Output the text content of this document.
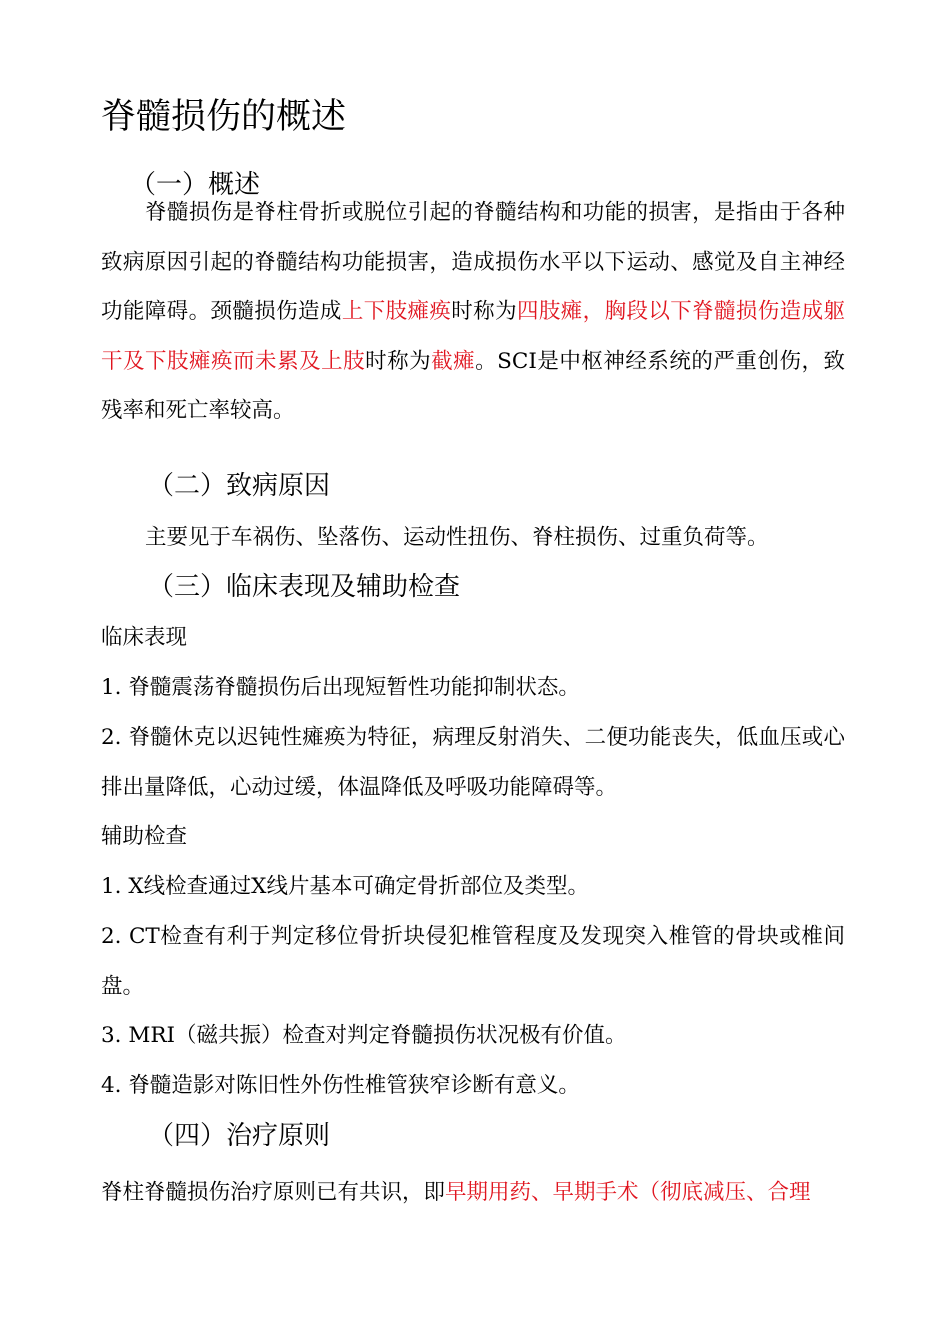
脊髓损伤的概述
（一）概述

脊髓损伤是脊柱骨折或脱位引起的脊髓结构和功能的损害，是指由于各种致病原因引起的脊髓结构功能损害，造成损伤水平以下运动、感觉及自主神经功能障碍。颈髓损伤造成上下肢瘫痪时称为四肢瘫，胸段以下脊髓损伤造成躯干及下肢瘫痪而未累及上肢时称为截瘫。SCI是中枢神经系统的严重创伤，致残率和死亡率较高。

（二）致病原因

主要见于车祸伤、坠落伤、运动性扭伤、脊柱损伤、过重负荷等。

（三）临床表现及辅助检查

临床表现

1. 脊髓震荡脊髓损伤后出现短暂性功能抑制状态。

2. 脊髓休克以迟钝性瘫痪为特征，病理反射消失、二便功能丧失，低血压或心排出量降低，心动过缓，体温降低及呼吸功能障碍等。

辅助检查

1. X线检查通过X线片基本可确定骨折部位及类型。

2. CT检查有利于判定移位骨折块侵犯椎管程度及发现突入椎管的骨块或椎间盘。

3. MRI（磁共振）检查对判定脊髓损伤状况极有价值。

4. 脊髓造影对陈旧性外伤性椎管狭窄诊断有意义。

（四）治疗原则

脊柱脊髓损伤治疗原则已有共识，即早期用药、早期手术（彻底减压、合理
